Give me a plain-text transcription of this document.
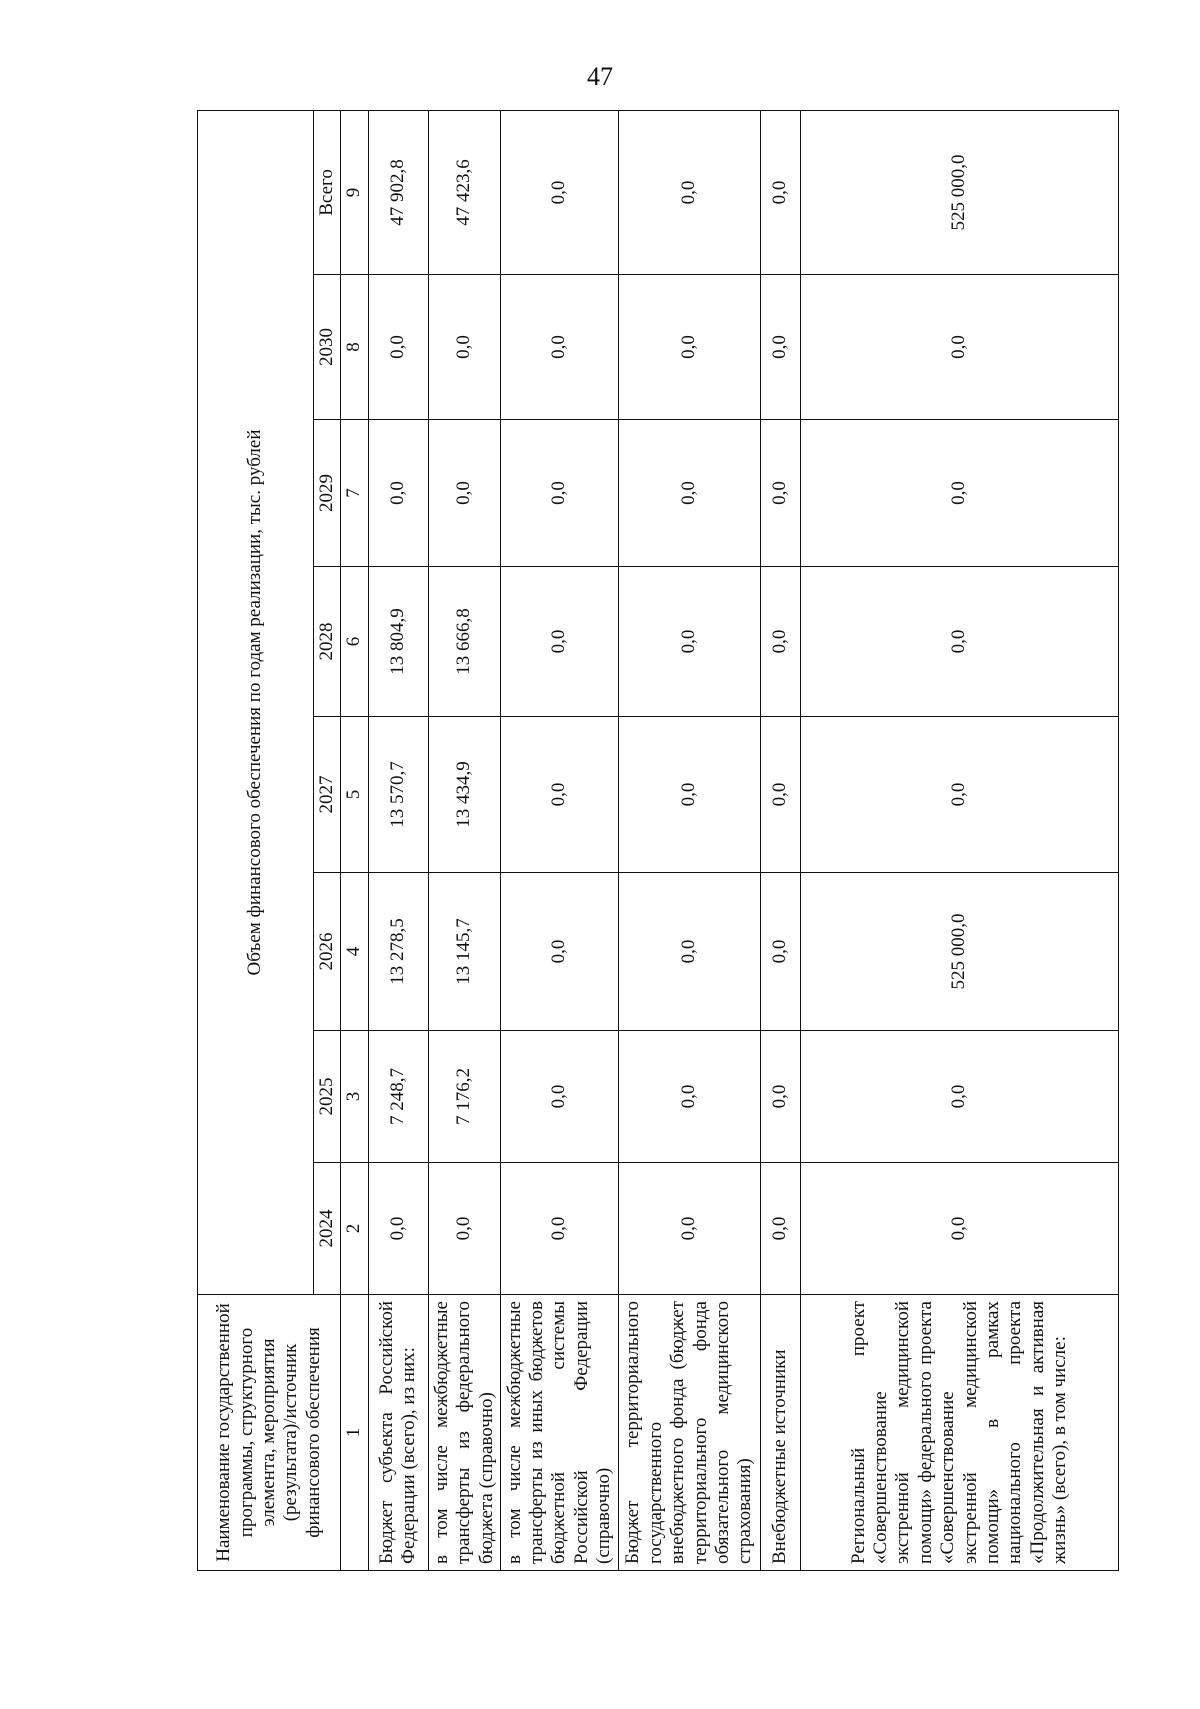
47
Наименование государственной программы, структурного элемента, мероприятия (результата)/источник финансового обеспечения	Объем финансового обеспечения по годам реализации, тыс. рублей							
	2024	2025	2026	2027	2028	2029	2030	Всего
1	2	3	4	5	6	7	8	9
Бюджет субъекта Российской Федерации (всего), из них:	0,0	7 248,7	13 278,5	13 570,7	13 804,9	0,0	0,0	47 902,8
в том числе межбюджетные трансферты из федерального бюджета (справочно)	0,0	7 176,2	13 145,7	13 434,9	13 666,8	0,0	0,0	47 423,6
в том числе межбюджетные трансферты из иных бюджетов бюджетной системы Российской Федерации (справочно)	0,0	0,0	0,0	0,0	0,0	0,0	0,0	0,0
Бюджет территориального государственного внебюджетного фонда (бюджет территориального фонда обязательного медицинского страхования)	0,0	0,0	0,0	0,0	0,0	0,0	0,0	0,0
Внебюджетные источники	0,0	0,0	0,0	0,0	0,0	0,0	0,0	0,0
Региональный проект «Совершенствование экстренной медицинской помощи» федерального проекта «Совершенствование экстренной медицинской помощи» в рамках национального проекта «Продолжительная и активная жизнь» (всего), в том числе:	0,0	0,0	525 000,0	0,0	0,0	0,0	0,0	525 000,0
